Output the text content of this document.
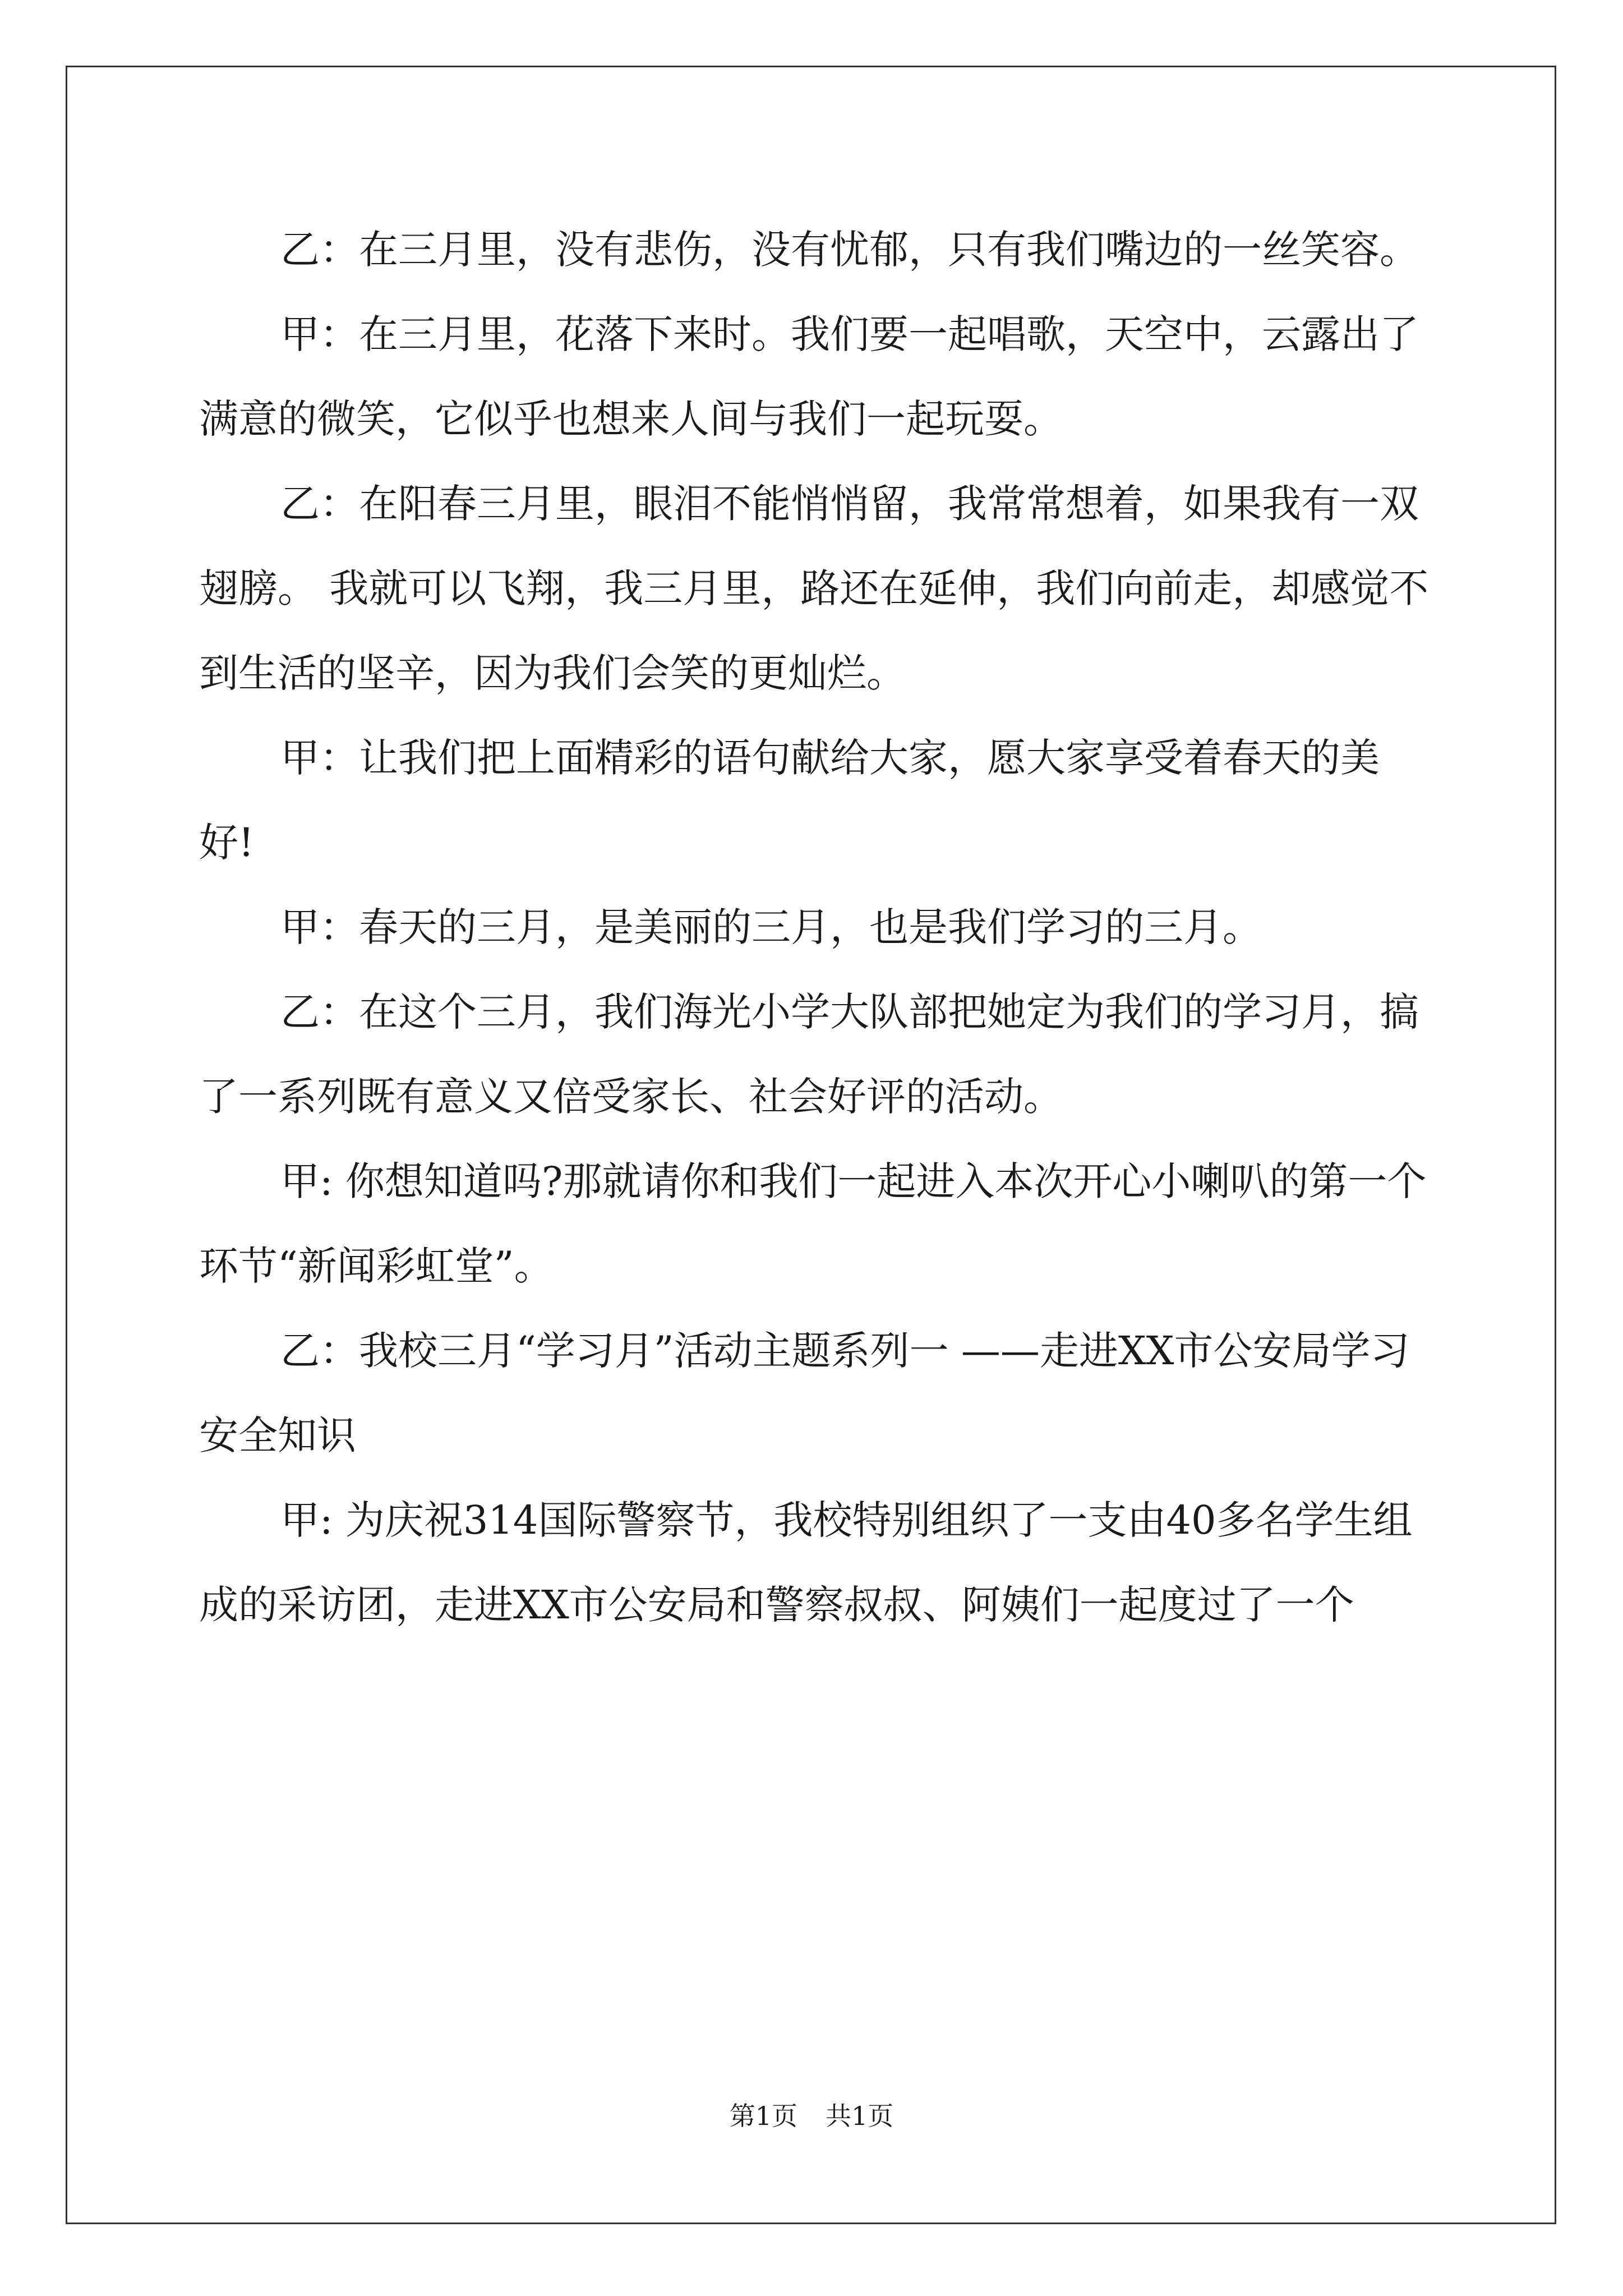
乙：在三月里，没有悲伤，没有忧郁，只有我们嘴边的一丝笑容。

甲：在三月里，花落下来时。我们要一起唱歌，天空中，云露出了满意的微笑，它似乎也想来人间与我们一起玩耍。

乙：在阳春三月里，眼泪不能悄悄留，我常常想着，如果我有一双翅膀。 我就可以飞翔，我三月里，路还在延伸，我们向前走，却感觉不到生活的坚辛，因为我们会笑的更灿烂。

甲：让我们把上面精彩的语句献给大家，愿大家享受着春天的美好!

甲：春天的三月，是美丽的三月，也是我们学习的三月。

乙：在这个三月，我们海光小学大队部把她定为我们的学习月，搞了一系列既有意义又倍受家长、社会好评的活动。

甲: 你想知道吗?那就请你和我们一起进入本次开心小喇叭的第一个环节“新闻彩虹堂”。

乙：我校三月“学习月”活动主题系列一 ——走进XX市公安局学习安全知识

甲: 为庆祝314国际警察节，我校特别组织了一支由40多名学生组成的采访团，走进XX市公安局和警察叔叔、阿姨们一起度过了一个

第1页 共1页
